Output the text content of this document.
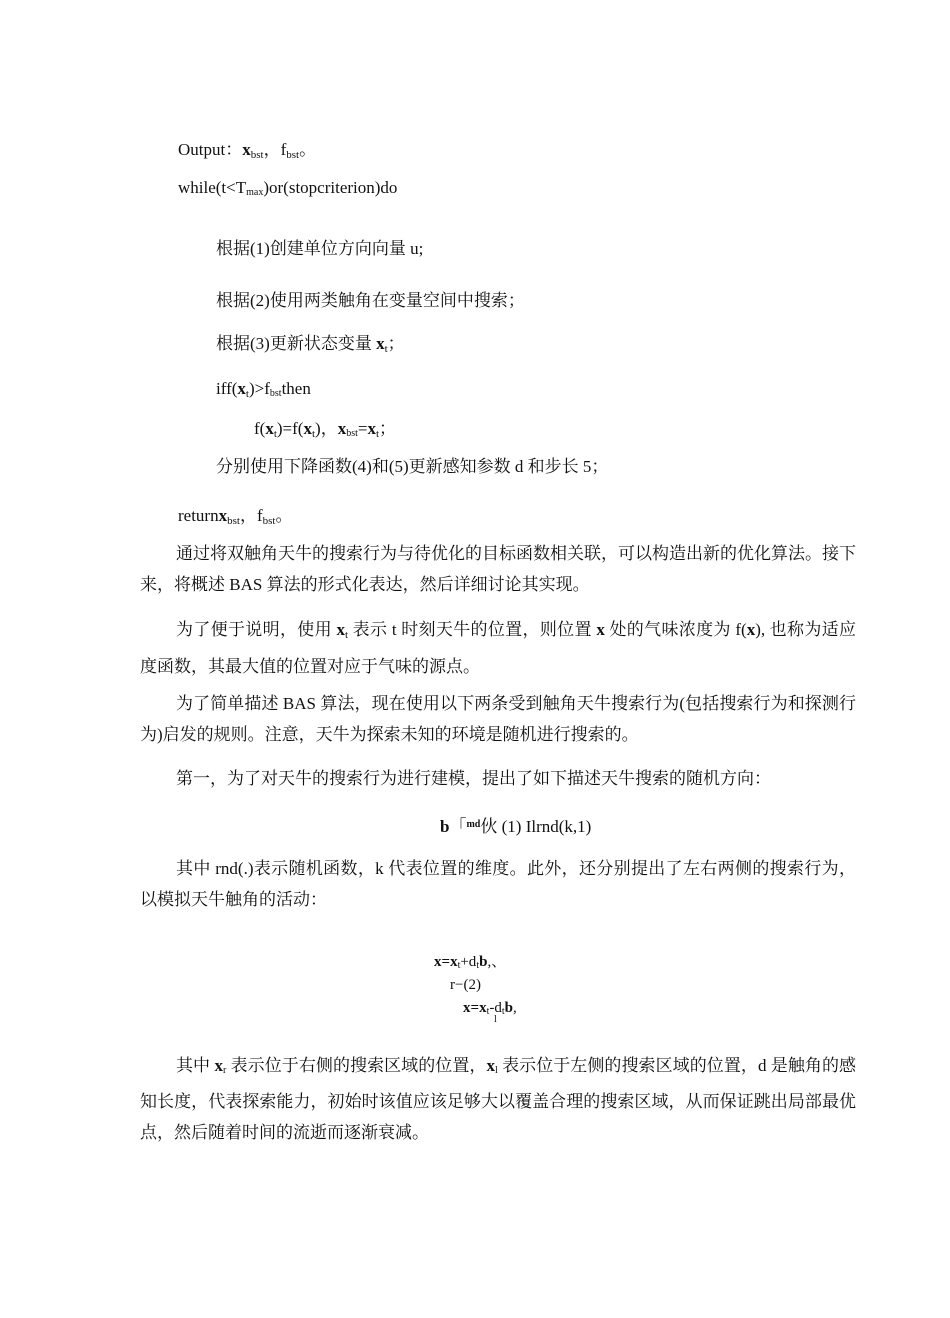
Output：$x_{bst}$，$f_{bst}$。
while(t<Tmax)or(stopcriterion)do
根据(1)创建单位方向向量 u;
根据(2)使用两类触角在变量空间中搜索；
根据(3)更新状态变量 $x_t$；
$iff(x_t)>fbstthen$
$f(x_t)=f(x_t)$，$xbst=x_t$；
分别使用下降函数(4)和(5)更新感知参数 d 和步长 5；
returnx$_{bst}$，$f_{bst}$。
通过将双触角天牛的搜索行为与待优化的目标函数相关联，可以构造出新的优化算法。接下来，将概述 BAS 算法的形式化表达，然后详细讨论其实现。
为了便于说明，使用 $x_t$ 表示 t 时刻天牛的位置，则位置 x 处的气味浓度为 f(x), 也称为适应度函数，其最大值的位置对应于气味的源点。
为了简单描述 BAS 算法，现在使用以下两条受到触角天牛搜索行为(包括搜索行为和探测行为)启发的规则。注意，天牛为探索未知的环境是随机进行搜索的。
第一，为了对天牛的搜索行为进行建模，提出了如下描述天牛搜索的随机方向：
b「$^{md}$伙 (1) Ilrnd(k,1)
其中 rnd(.)表示随机函数，k 代表位置的维度。此外，还分别提出了左右两侧的搜索行为，以模拟天牛触角的活动：
x=xt+dtb,、
r−(2)
x=xt-dtb,
l
其中 xr 表示位于右侧的搜索区域的位置，xl 表示位于左侧的搜索区域的位置，d 是触角的感知长度，代表探索能力，初始时该值应该足够大以覆盖合理的搜索区域，从而保证跳出局部最优点，然后随着时间的流逝而逐渐衰减。
